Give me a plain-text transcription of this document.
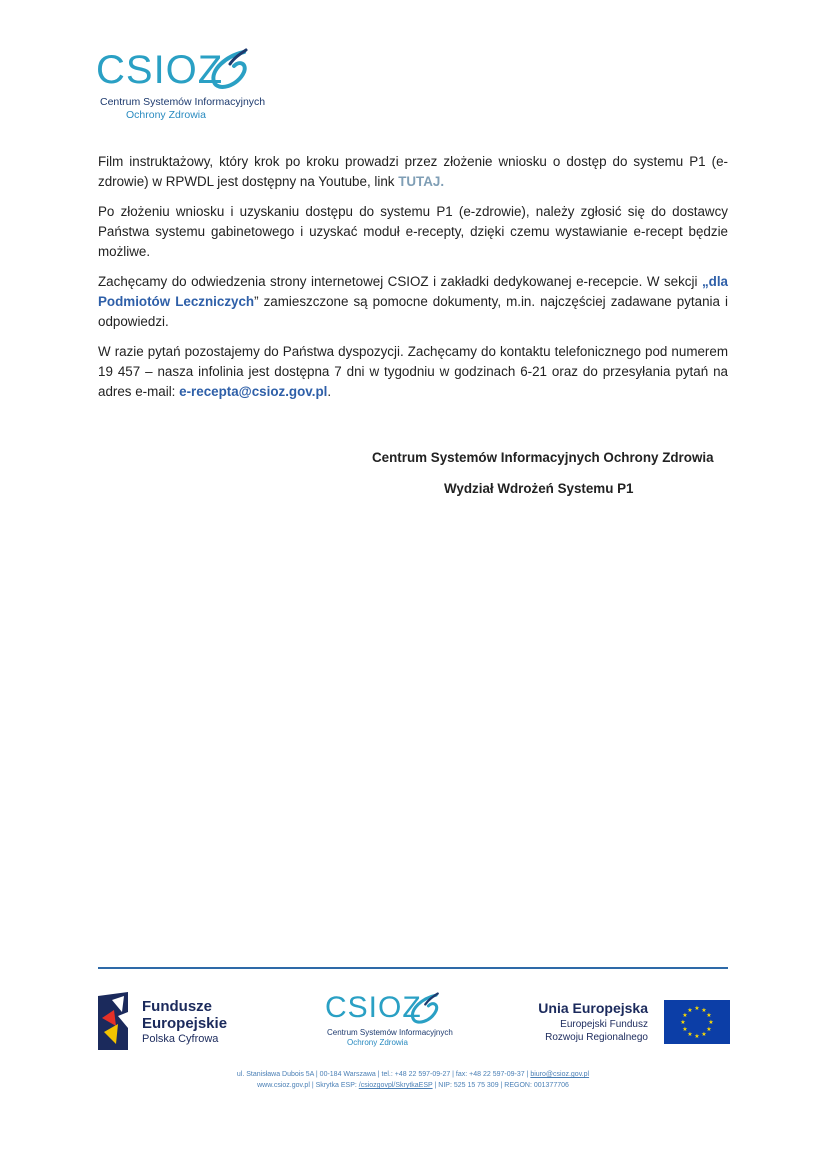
CSIOZ
Centrum Systemów Informacyjnych
Ochrony Zdrowia

Film instruktażowy, który krok po kroku prowadzi przez złożenie wniosku o dostęp do systemu P1 (e-zdrowie) w RPWDL jest dostępny na Youtube, link TUTAJ.

Po złożeniu wniosku i uzyskaniu dostępu do systemu P1 (e-zdrowie), należy zgłosić się do dostawcy Państwa systemu gabinetowego i uzyskać moduł e-recepty, dzięki czemu wystawianie e-recept będzie możliwe.

Zachęcamy do odwiedzenia strony internetowej CSIOZ i zakładki dedykowanej e-recepcie. W sekcji „dla Podmiotów Leczniczych” zamieszczone są pomocne dokumenty, m.in. najczęściej zadawane pytania i odpowiedzi.

W razie pytań pozostajemy do Państwa dyspozycji. Zachęcamy do kontaktu telefonicznego pod numerem 19 457 – nasza infolinia jest dostępna 7 dni w tygodniu w godzinach 6-21 oraz do przesyłania pytań na adres e-mail: e-recepta@csioz.gov.pl.

Centrum Systemów Informacyjnych Ochrony Zdrowia
Wydział Wdrożeń Systemu P1
Fundusze
Europejskie
Polska Cyfrowa
CSIOZ
Centrum Systemów Informacyjnych
Ochrony Zdrowia
Unia Europejska
Europejski Fundusz
Rozwoju Regionalnego
★ ★
★
★
★
★
★
★
★
★
★
★
ul. Stanisława Dubois 5A | 00-184 Warszawa | tel.: +48 22 597-09-27 | fax: +48 22 597-09-37 | biuro@csioz.gov.pl
www.csioz.gov.pl | Skrytka ESP: /csiozgovpl/SkrytkaESP | NIP: 525 15 75 309 | REGON: 001377706
